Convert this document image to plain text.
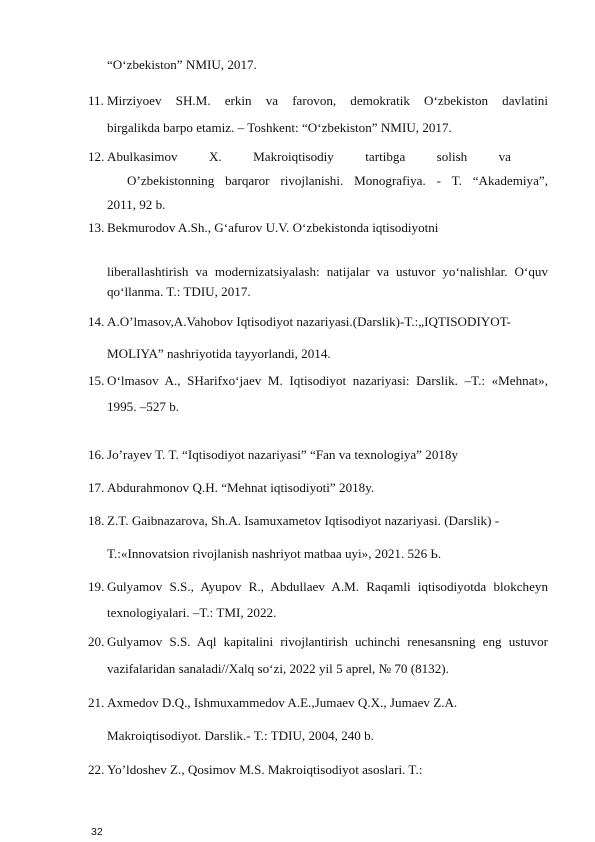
“O‘zbekiston” NMIU, 2017.
11. Mirziyoev SH.M. erkin va farovon, demokratik O‘zbekiston davlatini
birgalikda barpo etamiz. – Toshkent: “O‘zbekiston” NMIU, 2017.
12. Abulkasimov X. Makroiqtisodiy tartibga solish va
O’zbekistonning barqaror rivojlanishi. Monografiya. - T. “Akademiya”,
2011, 92 b.
13. Bekmurodov A.Sh., G‘afurov U.V. O‘zbekistonda iqtisodiyotni
liberallashtirish va modernizatsiyalash: natijalar va ustuvor yo‘nalishlar. O‘quv
qo‘llanma. T.: TDIU, 2017.
14. A.O’lmasov,A.Vahobov Iqtisodiyot nazariyasi.(Darslik)-T.:„IQTISODIYOT-
MOLIYA” nashriyotida tayyorlandi, 2014.
15. O‘lmasov A., SHarifxo‘jaev M. Iqtisodiyot nazariyasi: Darslik. –T.: «Mehnat»,
1995. –527 b.
16. Jo’rayev T. T. “Iqtisodiyot nazariyasi” “Fan va texnologiya” 2018y
17. Abdurahmonov Q.H. “Mehnat iqtisodiyoti” 2018y.
18. Z.T. Gaibnazarova, Sh.A. Isamuxametov Iqtisodiyot nazariyasi. (Darslik) -
T.:«Innovatsion rivojlanish nashriyot matbaa uyi», 2021. 526 Ь.
19. Gulyamov S.S., Ayupov R., Abdullaev A.M. Raqamli iqtisodiyotda blokcheyn
texnologiyalari. –T.: TMI, 2022.
20. Gulyamov S.S. Aql kapitalini rivojlantirish uchinchi renesansning eng ustuvor
vazifalaridan sanaladi//Xalq so‘zi, 2022 yil 5 aprel, № 70 (8132).
21. Axmedov D.Q., Ishmuxammedov A.E.,Jumaev Q.X., Jumaev Z.A.
Makroiqtisodiyot. Darslik.- T.: TDIU, 2004, 240 b.
22. Yo’ldoshev Z., Qosimov M.S. Makroiqtisodiyot asoslari. T.:
32
